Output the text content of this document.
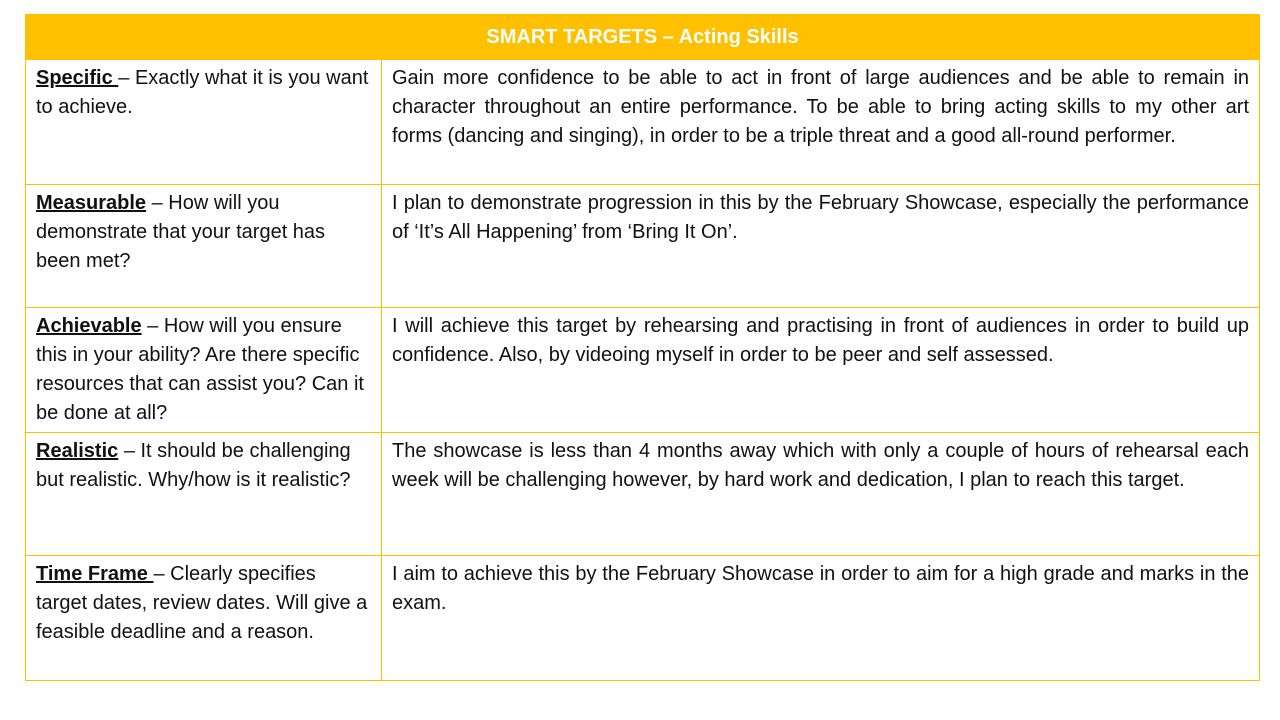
SMART TARGETS – Acting Skills	
Specific – Exactly what it is you want to achieve.	Gain more confidence to be able to act in front of large audiences and be able to remain in character throughout an entire performance. To be able to bring acting skills to my other art forms (dancing and singing), in order to be a triple threat and a good all-round performer.
Measurable – How will you demonstrate that your target has been met?	I plan to demonstrate progression in this by the February Showcase, especially the performance of ‘It’s All Happening’ from ‘Bring It On’.
Achievable – How will you ensure this in your ability? Are there specific resources that can assist you? Can it be done at all?	I will achieve this target by rehearsing and practising in front of audiences in order to build up confidence. Also, by videoing myself in order to be peer and self assessed.
Realistic – It should be challenging but realistic. Why/how is it realistic?	The showcase is less than 4 months away which with only a couple of hours of rehearsal each week will be challenging however, by hard work and dedication, I plan to reach this target.
Time Frame – Clearly specifies target dates, review dates. Will give a feasible deadline and a reason.	I aim to achieve this by the February Showcase in order to aim for a high grade and marks in the exam.
